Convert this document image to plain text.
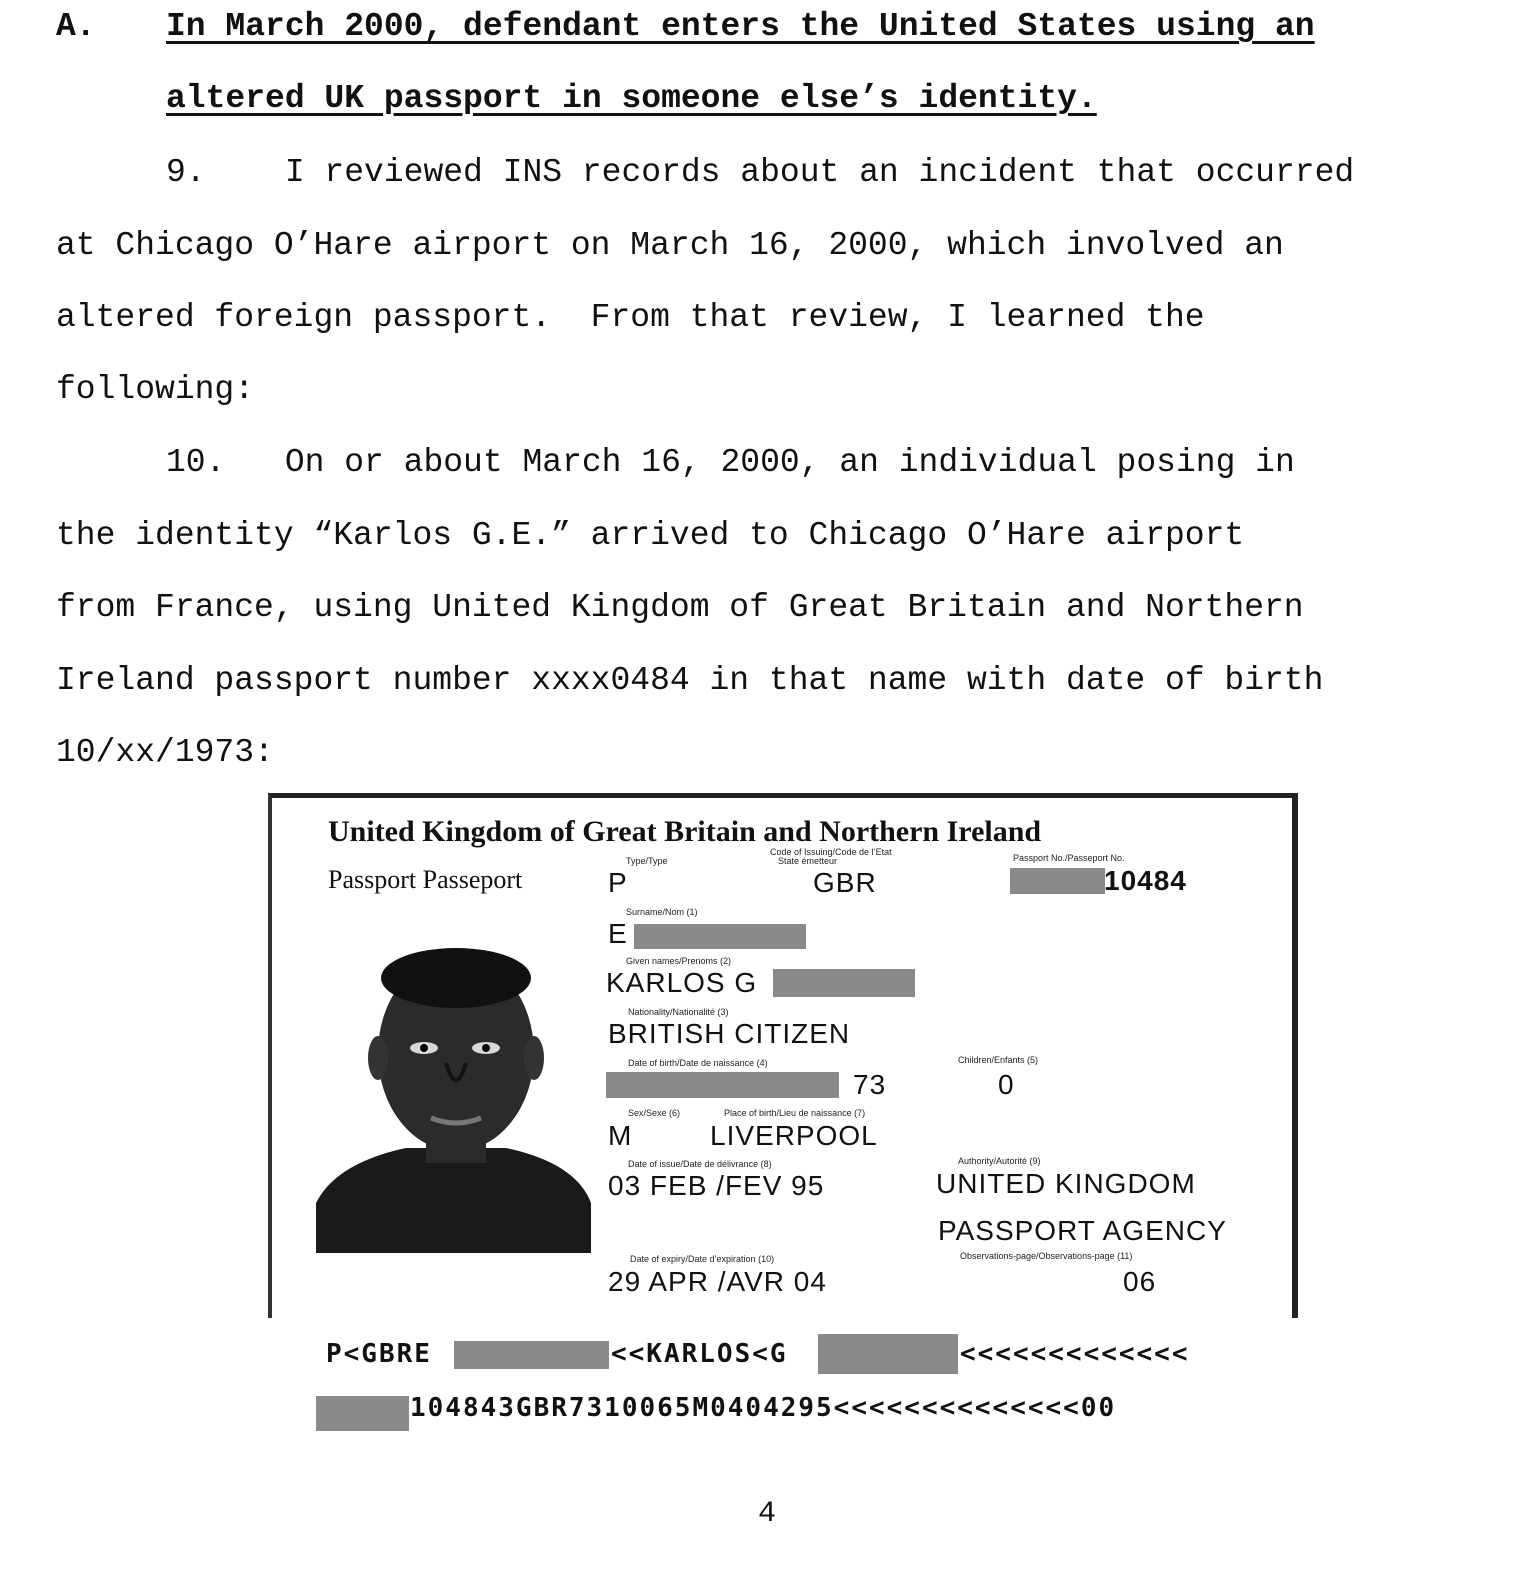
A. In March 2000, defendant enters the United States using an
altered UK passport in someone else’s identity.
9.    I reviewed INS records about an incident that occurred
at Chicago O’Hare airport on March 16, 2000, which involved an
altered foreign passport.  From that review, I learned the
following:
10.   On or about March 16, 2000, an individual posing in
the identity “Karlos G.E.” arrived to Chicago O’Hare airport
from France, using United Kingdom of Great Britain and Northern
Ireland passport number xxxx0484 in that name with date of birth
10/xx/1973:
United Kingdom of Great Britain and Northern Ireland
Passport Passeport
Type/Type
P
Code of Issuing/Code de l’Etat
State émetteur
GBR
Passport No./Passeport No.
10484
Surname/Nom (1)
E
Given names/Prenoms (2)
KARLOS G
Nationality/Nationalité (3)
BRITISH CITIZEN
Date of birth/Date de naissance (4)
73
Children/Enfants (5)
0
Sex/Sexe (6)
M
Place of birth/Lieu de naissance (7)
LIVERPOOL
Date of issue/Date de délivrance (8)
03 FEB /FEV 95
Authority/Autorité (9)
UNITED KINGDOM
PASSPORT AGENCY
Date of expiry/Date d’expiration (10)
29 APR /AVR 04
Observations-page/Observations-page (11)
06
P<GBRE	<<KARLOS<G	<<<<<<<<<<<<<
104843GBR7310065M0404295<<<<<<<<<<<<<<00
4
